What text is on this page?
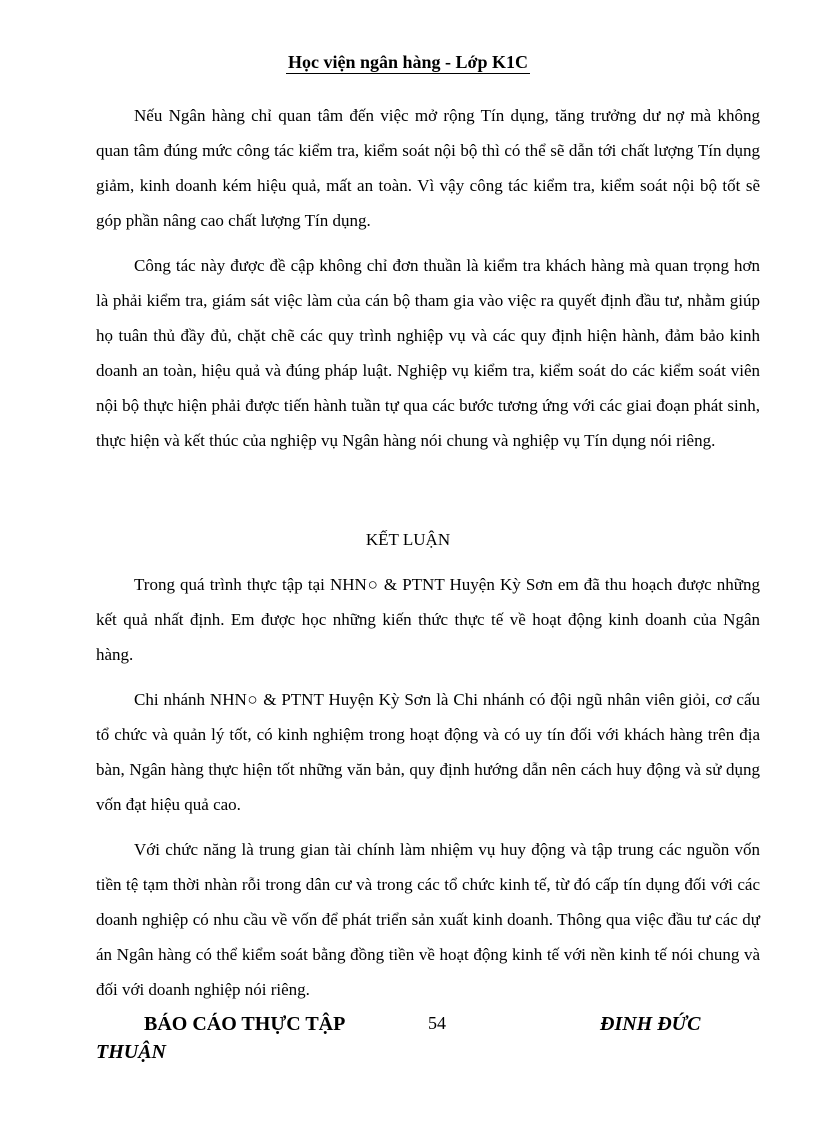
Học viện ngân hàng - Lớp K1C

Nếu Ngân hàng chỉ quan tâm đến việc mở rộng Tín dụng, tăng trưởng dư nợ mà không quan tâm đúng mức công tác kiểm tra, kiểm soát nội bộ thì có thể sẽ dẫn tới chất lượng Tín dụng giảm, kinh doanh kém hiệu quả, mất an toàn. Vì vậy công tác kiểm tra, kiểm soát nội bộ tốt sẽ góp phần nâng cao chất lượng Tín dụng.

Công tác này được đề cập không chỉ đơn thuần là kiểm tra khách hàng mà quan trọng hơn là phải kiểm tra, giám sát việc làm của cán bộ tham gia vào việc ra quyết định đầu tư, nhằm giúp họ tuân thủ đầy đủ, chặt chẽ các quy trình nghiệp vụ và các quy định hiện hành, đảm bảo kinh doanh an toàn, hiệu quả và đúng pháp luật. Nghiệp vụ kiểm tra, kiểm soát do các kiểm soát viên nội bộ thực hiện phải được tiến hành tuần tự qua các bước tương ứng với các giai đoạn phát sinh, thực hiện và kết thúc của nghiệp vụ Ngân hàng nói chung và nghiệp vụ Tín dụng nói riêng.

KẾT LUẬN

Trong quá trình thực tập tại NHN○ & PTNT Huyện Kỳ Sơn em đã thu hoạch được những kết quả nhất định. Em được học những kiến thức thực tế về hoạt động kinh doanh của Ngân hàng.

Chi nhánh NHN○ & PTNT Huyện Kỳ Sơn là Chi nhánh có đội ngũ nhân viên giỏi, cơ cấu tổ chức và quản lý tốt, có kinh nghiệm trong hoạt động và có uy tín đối với khách hàng trên địa bàn, Ngân hàng thực hiện tốt những văn bản, quy định hướng dẫn nên cách huy động và sử dụng vốn đạt hiệu quả cao.

Với chức năng là trung gian tài chính làm nhiệm vụ huy động và tập trung các nguồn vốn tiền tệ tạm thời nhàn rỗi trong dân cư và trong các tổ chức kinh tế, từ đó cấp tín dụng đối với các doanh nghiệp có nhu cầu về vốn để phát triển sản xuất kinh doanh. Thông qua việc đầu tư các dự án Ngân hàng có thể kiểm soát bằng đồng tiền về hoạt động kinh tế với nền kinh tế nói chung và đối với doanh nghiệp nói riêng.

BÁO CÁO THỰC TẬP	54	ĐINH ĐỨC
THUẬN
